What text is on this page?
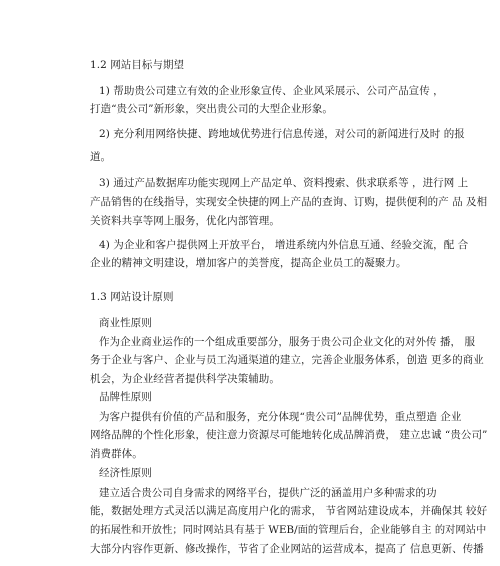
1.2 网站目标与期望
1) 帮助贵公司建立有效的企业形象宣传、企业风采展示、公司产品宣传 ，
打造“贵公司”新形象，突出贵公司的大型企业形象。
2) 充分利用网络快捷、跨地域优势进行信息传递，对公司的新闻进行及时 的报
道。
3) 通过产品数据库功能实现网上产品定单、资料搜索、供求联系等 ，进行网 上
产品销售的在线指导，实现安全快捷的网上产品的查询、订购，提供便利的产 品 及相
关资料共享等网上服务，优化内部管理。
4) 为企业和客户提供网上开放平台， 增进系统内外信息互通、经验交流，配 合
企业的精神文明建设，增加客户的美誉度，提高企业员工的凝聚力。
1.3 网站设计原则
商业性原则
作为企业商业运作的一个组成重要部分，服务于贵公司企业文化的对外传 播， 服
务于企业与客户、企业与员工沟通渠道的建立，完善企业服务体系，创造 更多的商业
机会，为企业经营者提供科学决策辅助。
品牌性原则
为客户提供有价值的产品和服务，充分体现“贵公司”品牌优势，重点塑造 企业
网络品牌的个性化形象，使注意力资源尽可能地转化成品牌消费， 建立忠诚 “贵公司”
消费群体。
经济性原则
建立适合贵公司自身需求的网络平台，提供广泛的涵盖用户多种需求的功
能，数据处理方式灵活以满足高度用户化的需求， 节省网站建设成本，并确保其 较好
的拓展性和开放性；同时网站具有基于 WEB/面的管理后台，企业能够自主 的对网站中
大部分内容作更新、修改操作，节省了企业网站的运营成本，提高了 信息更新、传播
